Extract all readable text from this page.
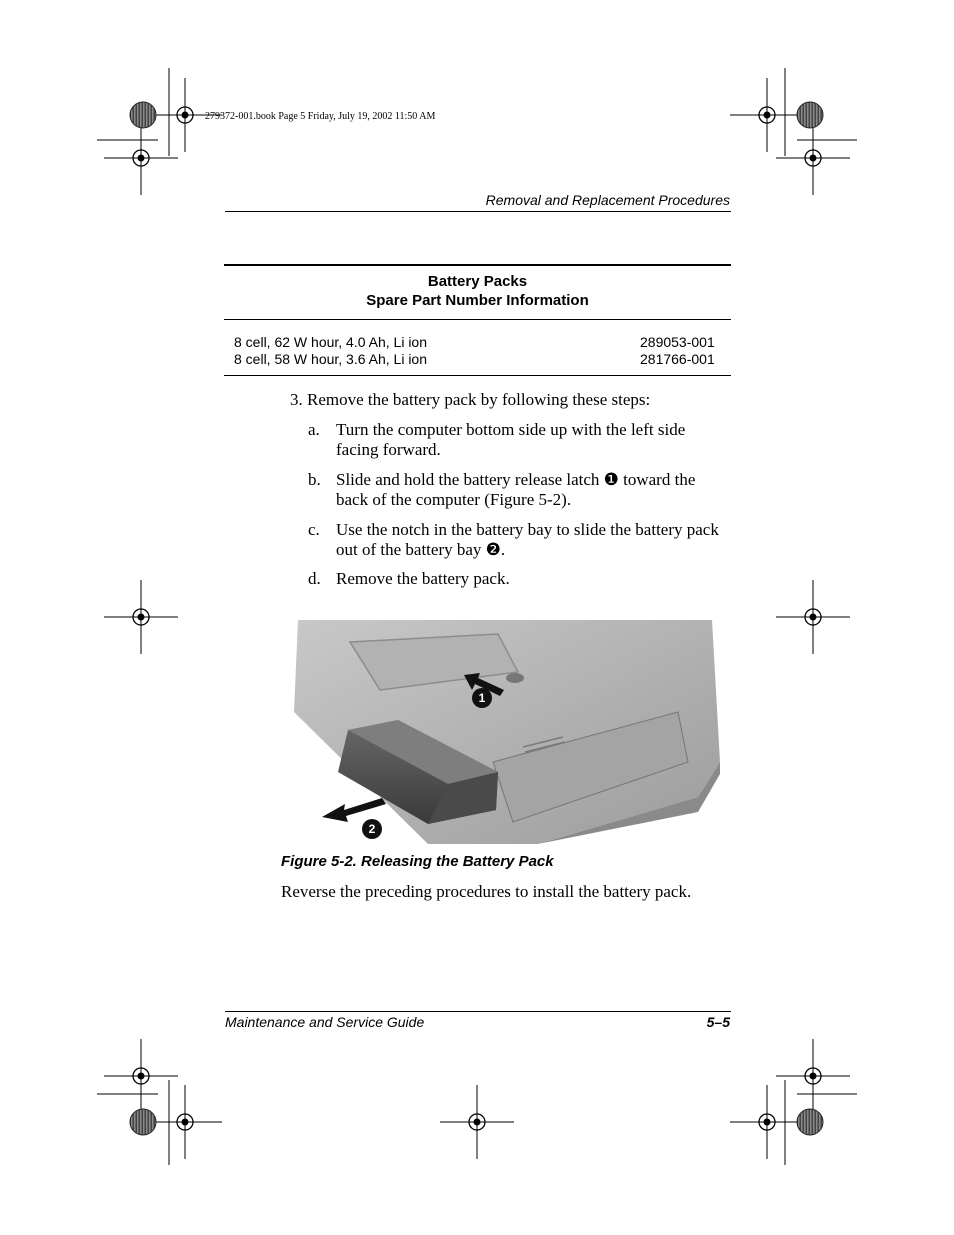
279372-001.book Page 5 Friday, July 19, 2002 11:50 AM
Removal and Replacement Procedures
Battery Packs
Spare Part Number Information
8 cell, 62 W hour, 4.0 Ah, Li ion	289053-001
8 cell, 58 W hour, 3.6 Ah, Li ion	281766-001
3. Remove the battery pack by following these steps:
a. Turn the computer bottom side up with the left side facing forward.
b. Slide and hold the battery release latch ❶ toward the back of the computer (Figure 5-2).
c. Use the notch in the battery bay to slide the battery pack out of the battery bay ❷.
d. Remove the battery pack.
1
2
Figure 5-2. Releasing the Battery Pack
Reverse the preceding procedures to install the battery pack.
Maintenance and Service Guide	5–5
